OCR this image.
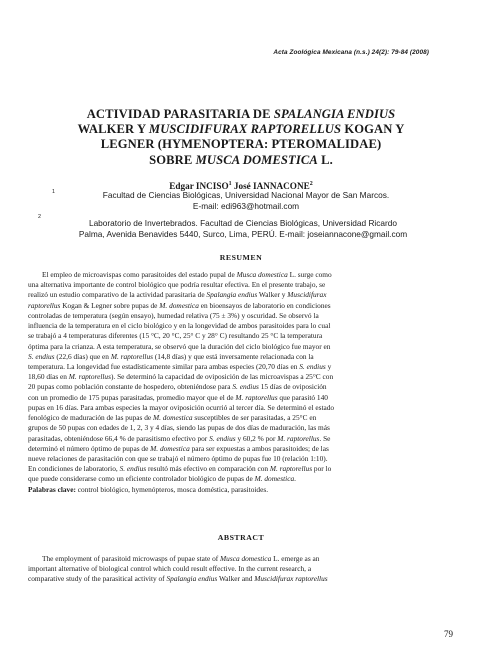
Acta Zoológica Mexicana (n.s.) 24(2): 79-84 (2008)
ACTIVIDAD PARASITARIA DE SPALANGIA ENDIUS
WALKER Y MUSCIDIFURAX RAPTORELLUS KOGAN Y
LEGNER (HYMENOPTERA: PTEROMALIDAE)
SOBRE MUSCA DOMESTICA L.
Edgar INCISO$^1$ José IANNACONE$^2$
1	Facultad de Ciencias Biológicas, Universidad Nacional Mayor de San Marcos.
E-mail: edi963@hotmail.com
2
Laboratorio de Invertebrados. Facultad de Ciencias Biológicas, Universidad Ricardo
Palma, Avenida Benavides 5440, Surco, Lima, PERÚ. E-mail: joseiannacone@gmail.com
RESUMEN

El empleo de microavispas como parasitoides del estado pupal de Musca domestica L. surge como

una alternativa importante de control biológico que podría resultar efectiva. En el presente trabajo, se

realizó un estudio comparativo de la actividad parasitaria de Spalangia endius Walker y Muscidifurax

raptorellus Kogan & Legner sobre pupas de M. domestica en bioensayos de laboratorio en condiciones

controladas de temperatura (según ensayo), humedad relativa (75 ± 3%) y oscuridad. Se observó la

influencia de la temperatura en el ciclo biológico y en la longevidad de ambos parasitoides para lo cual

se trabajó a 4 temperaturas diferentes (15 °C, 20 °C, 25° C y 28° C) resultando 25 °C la temperatura

óptima para la crianza. A esta temperatura, se observó que la duración del ciclo biológico fue mayor en

S. endius (22,6 días) que en M. raptorellus (14,8 días) y que está inversamente relacionada con la

temperatura. La longevidad fue estadísticamente similar para ambas especies (20,70 días en S. endius y

18,60 días en M. raptorellus). Se determinó la capacidad de oviposición de las microavispas a 25°C con

20 pupas como población constante de hospedero, obteniéndose para S. endius 15 días de oviposición

con un promedio de 175 pupas parasitadas, promedio mayor que el de M. raptorellus que parasitó 140

pupas en 16 días. Para ambas especies la mayor oviposición ocurrió al tercer día. Se determinó el estado

fenológico de maduración de las pupas de M. domestica susceptibles de ser parasitadas, a 25°C en

grupos de 50 pupas con edades de 1, 2, 3 y 4 días, siendo las pupas de dos días de maduración, las más

parasitadas, obteniéndose 66,4 % de parasitismo efectivo por S. endius y 60,2 % por M. raptorellus. Se

determinó el número óptimo de pupas de M. domestica para ser expuestas a ambos parasitoides; de las

nueve relaciones de parasitación con que se trabajó el número óptimo de pupas fue 10 (relación 1:10).

En condiciones de laboratorio, S. endius resultó más efectivo en comparación con M. raptorellus por lo

que puede considerarse como un eficiente controlador biológico de pupas de M. domestica.

Palabras clave: control biológico, hymenópteros, mosca doméstica, parasitoides.

ABSTRACT

The employment of parasitoid microwasps of pupae state of Musca domestica L. emerge as an

important alternative of biological control which could result effective. In the current research, a

comparative study of the parasitical activity of Spalangia endius Walker and Muscidifurax raptorellus

79
